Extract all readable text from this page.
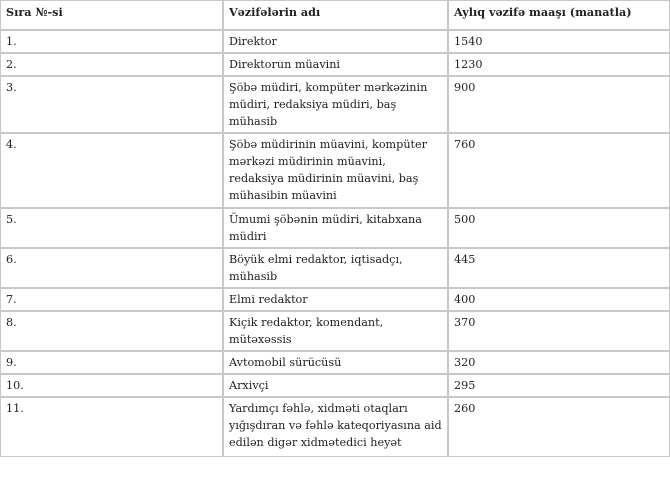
Sıra №-si	Vəzifələrin adı	Aylıq vəzifə maaşı (manatla)
1.	Direktor	1540
2.	Direktorun müavini	1230
3.	Şöbə müdiri, kompüter mərkəzinin müdiri, redaksiya müdiri, baş mühasib	900
4.	Şöbə müdirinin müavini, kompüter mərkəzi müdirinin müavini, redaksiya müdirinin müavini, baş mühasibin müavini	760
5.	Ümumi şöbənin müdiri, kitabxana müdiri	500
6.	Böyük elmi redaktor, iqtisadçı, mühasib	445
7.	Elmi redaktor	400
8.	Kiçik redaktor, komendant, mütəxəssis	370
9.	Avtomobil sürücüsü	320
10.	Arxivçi	295
11.	Yardımçı fəhlə, xidməti otaqları yığışdıran və fəhlə kateqoriyasına aid edilən digər xidmətedici heyət	260
